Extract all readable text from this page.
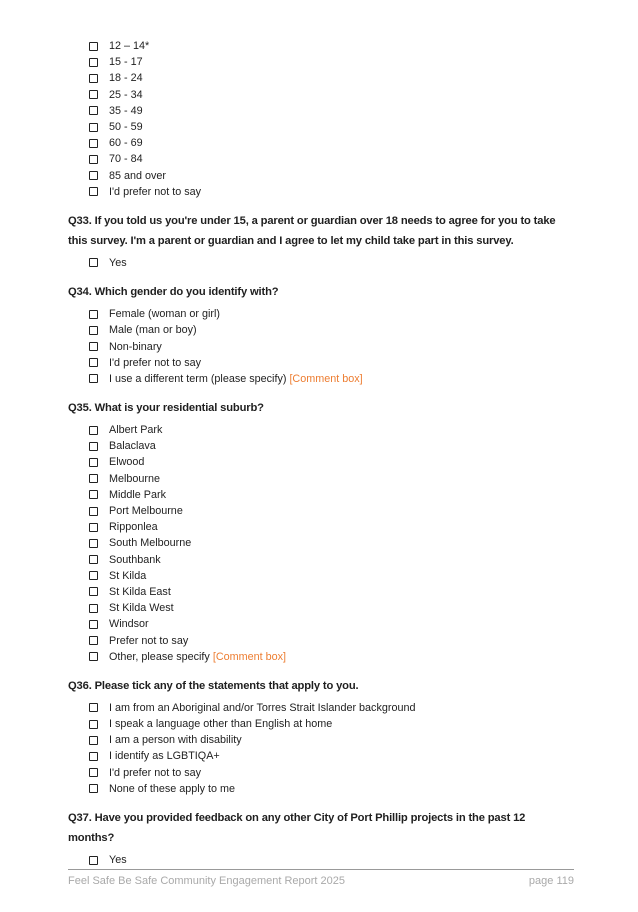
12 – 14*
15 - 17
18 - 24
25 - 34
35 - 49
50 - 59
60 - 69
70 - 84
85 and over
I'd prefer not to say
Q33. If you told us you're under 15, a parent or guardian over 18 needs to agree for you to take this survey. I'm a parent or guardian and I agree to let my child take part in this survey.
Yes
Q34. Which gender do you identify with?
Female (woman or girl)
Male (man or boy)
Non-binary
I'd prefer not to say
I use a different term (please specify) [Comment box]
Q35. What is your residential suburb?
Albert Park
Balaclava
Elwood
Melbourne
Middle Park
Port Melbourne
Ripponlea
South Melbourne
Southbank
St Kilda
St Kilda East
St Kilda West
Windsor
Prefer not to say
Other, please specify [Comment box]
Q36. Please tick any of the statements that apply to you.
I am from an Aboriginal and/or Torres Strait Islander background
I speak a language other than English at home
I am a person with disability
I identify as LGBTIQA+
I'd prefer not to say
None of these apply to me
Q37. Have you provided feedback on any other City of Port Phillip projects in the past 12 months?
Yes
Feel Safe Be Safe Community Engagement Report 2025	page 119
